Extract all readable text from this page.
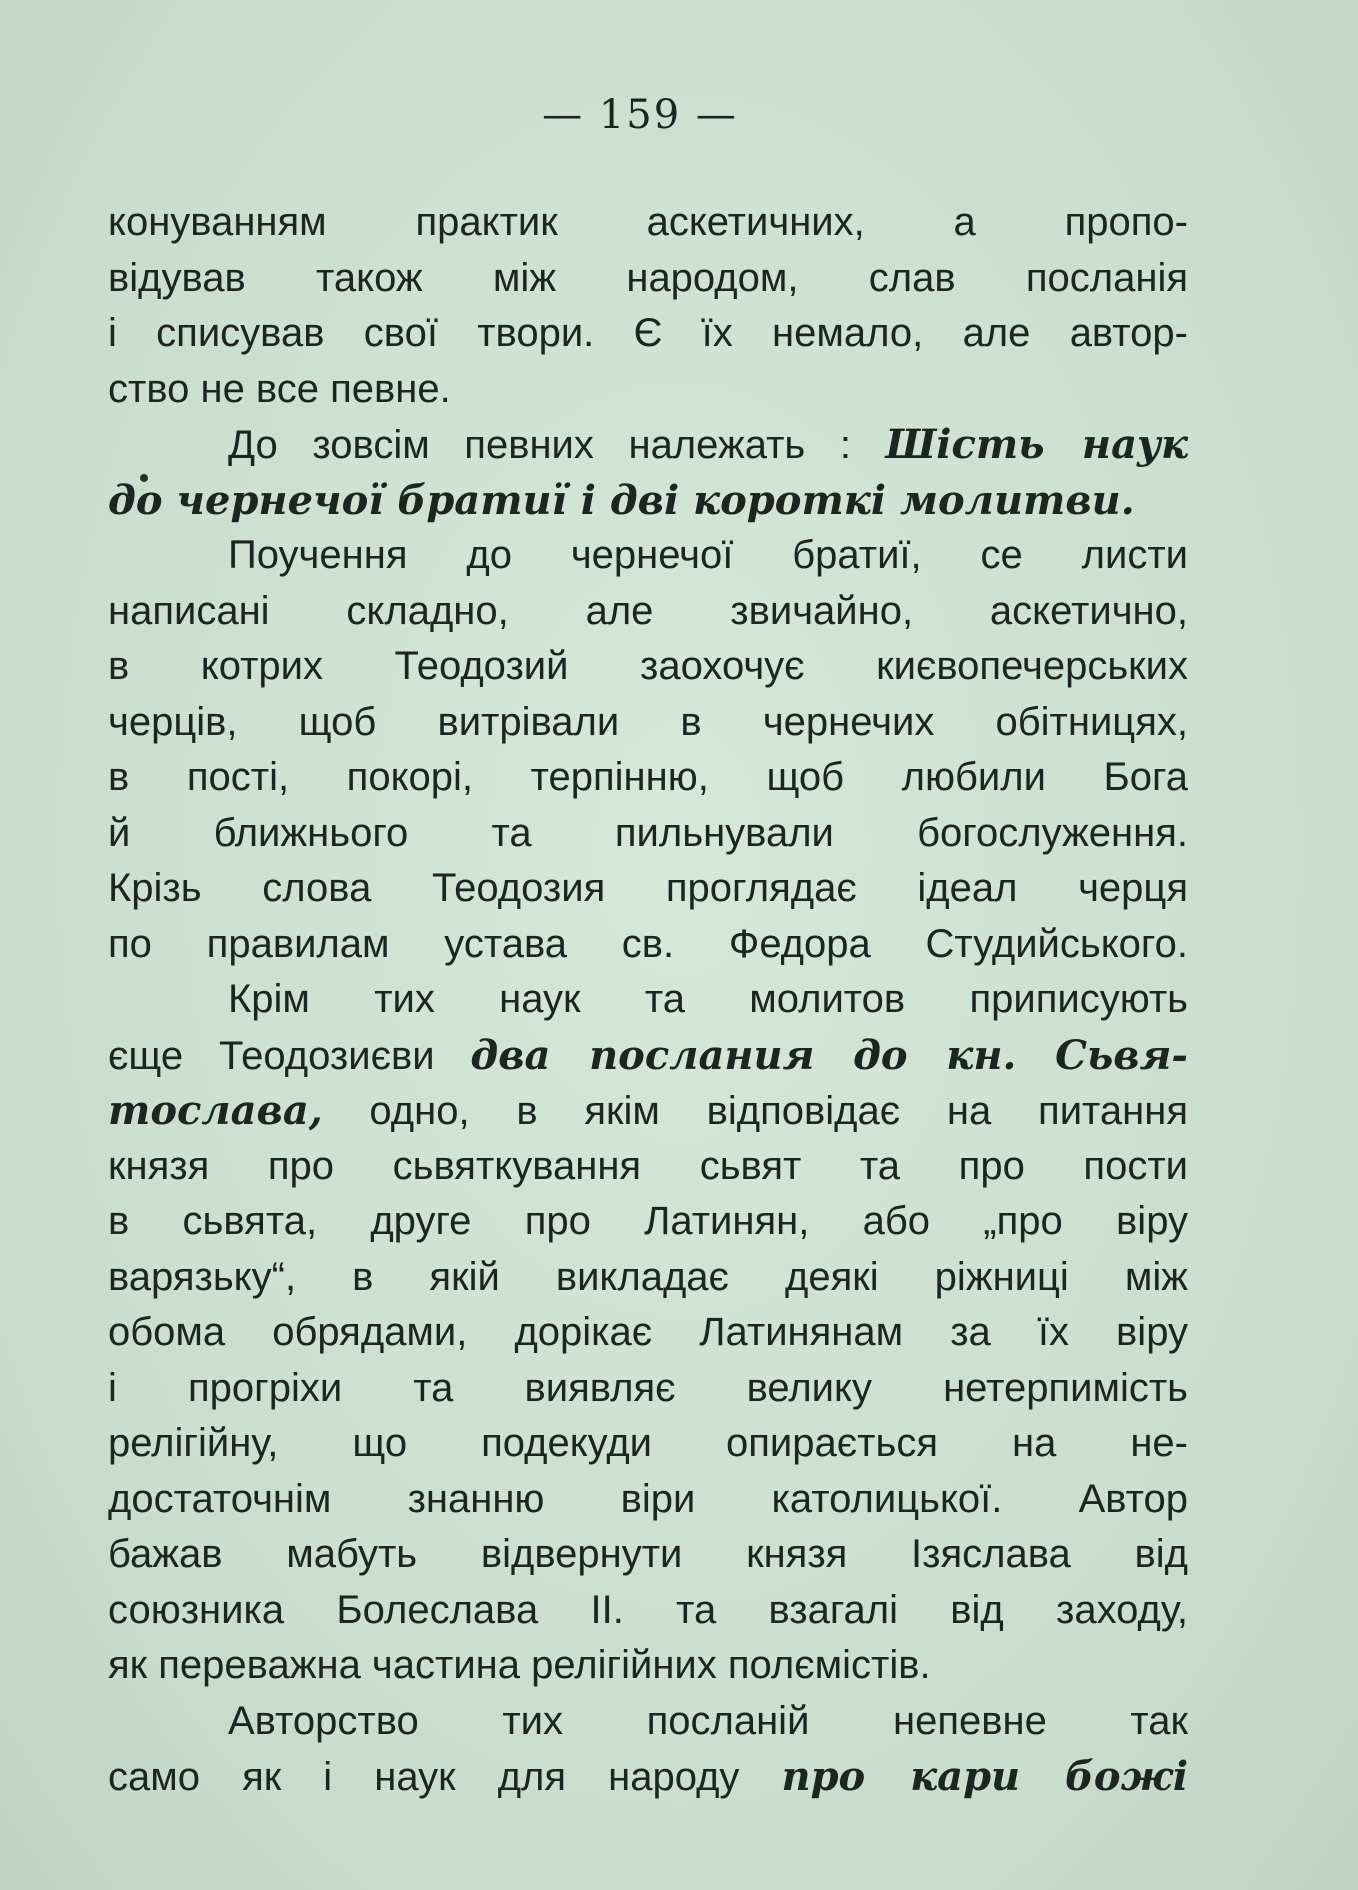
— 159 —
конуванням практик аскетичних, а пропо-
відував також між народом, слав посланія
і списував свої твори. Є їх немало, але автор-
ство не все певне.
До зовсім певних належать : Шість наук
до чернечої братиї і дві короткі молитви.
Поучення до чернечої братиї, се листи
написані складно, але звичайно, аскетично,
в котрих Теодозий заохочує києвопечерських
черців, щоб витрівали в чернечих обітницях,
в пості, покорі, терпінню, щоб любили Бога
й ближнього та пильнували богослуження.
Крізь слова Теодозия проглядає ідеал черця
по правилам устава св. Федора Студийського.
Крім тих наук та молитов приписують
єще Теодозиєви два послания до кн. Сьвя-
тослава, одно, в якім відповідає на питання
князя про сьвяткування сьвят та про пости
в сьвята, друге про Латинян, або „про віру
варязьку“, в якій викладає деякі ріжниці між
обома обрядами, дорікає Латинянам за їх віру
і прогріхи та виявляє велику нетерпимість
релігійну, що подекуди опирається на не-
достаточнім знанню віри католицької. Автор
бажав мабуть відвернути князя Ізяслава від
союзника Болеслава II. та взагалі від заходу,
як переважна частина релігійних полємістів.
Авторство тих посланій непевне так
само як і наук для народу про кари божі
